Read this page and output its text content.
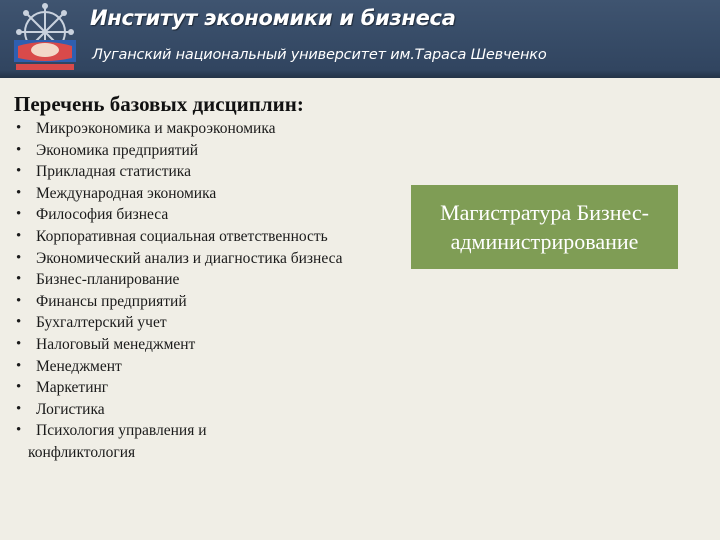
Институт экономики и бизнеса
Луганский национальный университет им.Тараса Шевченко
Перечень базовых дисциплин:
• Микроэкономика и макроэкономика
• Экономика предприятий
• Прикладная статистика
• Международная экономика
• Философия бизнеса
• Корпоративная социальная ответственность
• Экономический анализ и диагностика бизнеса
• Бизнес-планирование
• Финансы предприятий
• Бухгалтерский учет
• Налоговый менеджмент
• Менеджмент
• Маркетинг
• Логистика
• Психология управления и
конфликтология
Магистратура Бизнес-
администрирование
